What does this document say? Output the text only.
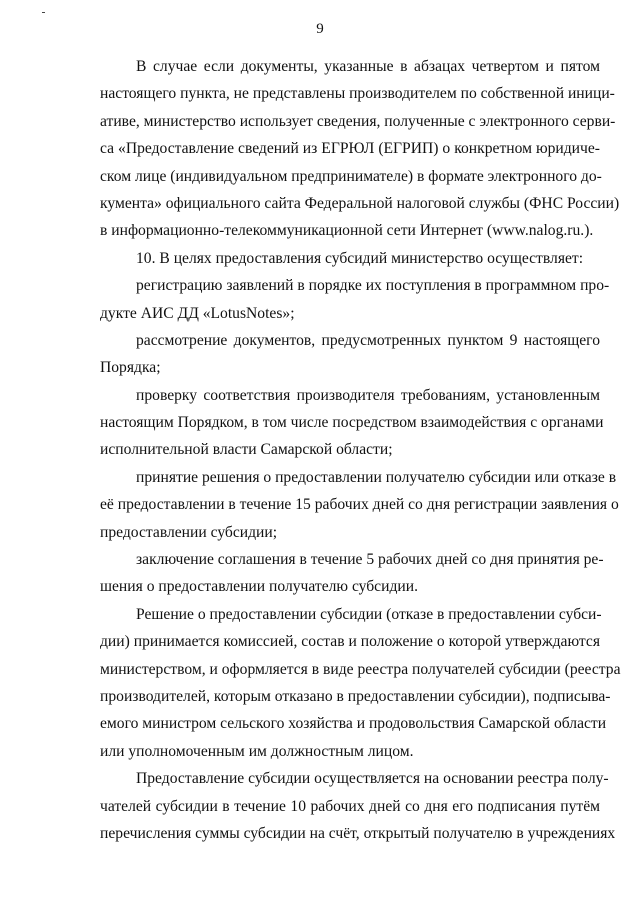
9
В случае если документы, указанные в абзацах четвертом и пятом
настоящего пункта, не представлены производителем по собственной иници-
ативе, министерство использует сведения, полученные с электронного серви-
са «Предоставление сведений из ЕГРЮЛ (ЕГРИП) о конкретном юридиче-
ском лице (индивидуальном предпринимателе) в формате электронного до-
кумента» официального сайта Федеральной налоговой службы (ФНС России)
в информационно-телекоммуникационной сети Интернет (www.nalog.ru.).
10. В целях предоставления субсидий министерство осуществляет:
регистрацию заявлений в порядке их поступления в программном про-
дукте АИС ДД «LotusNotes»;
рассмотрение документов, предусмотренных пунктом 9 настоящего
Порядка;
проверку соответствия производителя требованиям, установленным
настоящим Порядком, в том числе посредством взаимодействия с органами
исполнительной власти Самарской области;
принятие решения о предоставлении получателю субсидии или отказе в
её предоставлении в течение 15 рабочих дней со дня регистрации заявления о
предоставлении субсидии;
заключение соглашения в течение 5 рабочих дней со дня принятия ре-
шения о предоставлении получателю субсидии.
Решение о предоставлении субсидии (отказе в предоставлении субси-
дии) принимается комиссией, состав и положение о которой утверждаются
министерством, и оформляется в виде реестра получателей субсидии (реестра
производителей, которым отказано в предоставлении субсидии), подписыва-
емого министром сельского хозяйства и продовольствия Самарской области
или уполномоченным им должностным лицом.
Предоставление субсидии осуществляется на основании реестра полу-
чателей субсидии в течение 10 рабочих дней со дня его подписания путём
перечисления суммы субсидии на счёт, открытый получателю в учреждениях
